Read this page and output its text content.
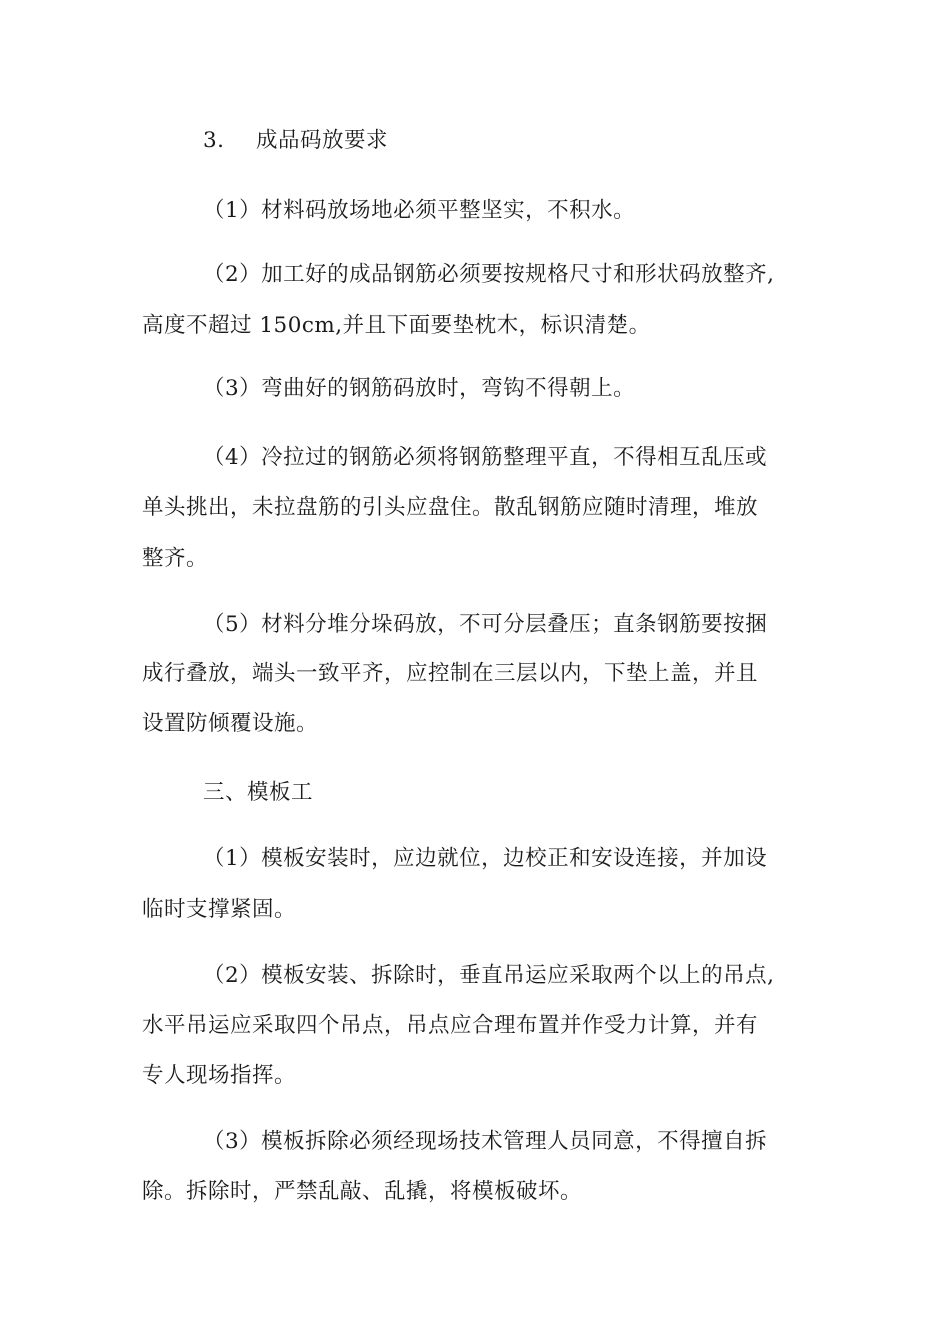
3. 成品码放要求
（1）材料码放场地必须平整坚实，不积水。
（2）加工好的成品钢筋必须要按规格尺寸和形状码放整齐,
高度不超过 150cm,并且下面要垫枕木，标识清楚。
（3）弯曲好的钢筋码放时，弯钩不得朝上。
（4）冷拉过的钢筋必须将钢筋整理平直，不得相互乱压或
单头挑出，未拉盘筋的引头应盘住。散乱钢筋应随时清理，堆放
整齐。
（5）材料分堆分垛码放，不可分层叠压；直条钢筋要按捆
成行叠放，端头一致平齐，应控制在三层以内，下垫上盖，并且
设置防倾覆设施。
三、模板工
（1）模板安装时，应边就位，边校正和安设连接，并加设
临时支撑紧固。
（2）模板安装、拆除时，垂直吊运应采取两个以上的吊点,
水平吊运应采取四个吊点，吊点应合理布置并作受力计算，并有
专人现场指挥。
（3）模板拆除必须经现场技术管理人员同意，不得擅自拆
除。拆除时，严禁乱敲、乱撬，将模板破坏。
